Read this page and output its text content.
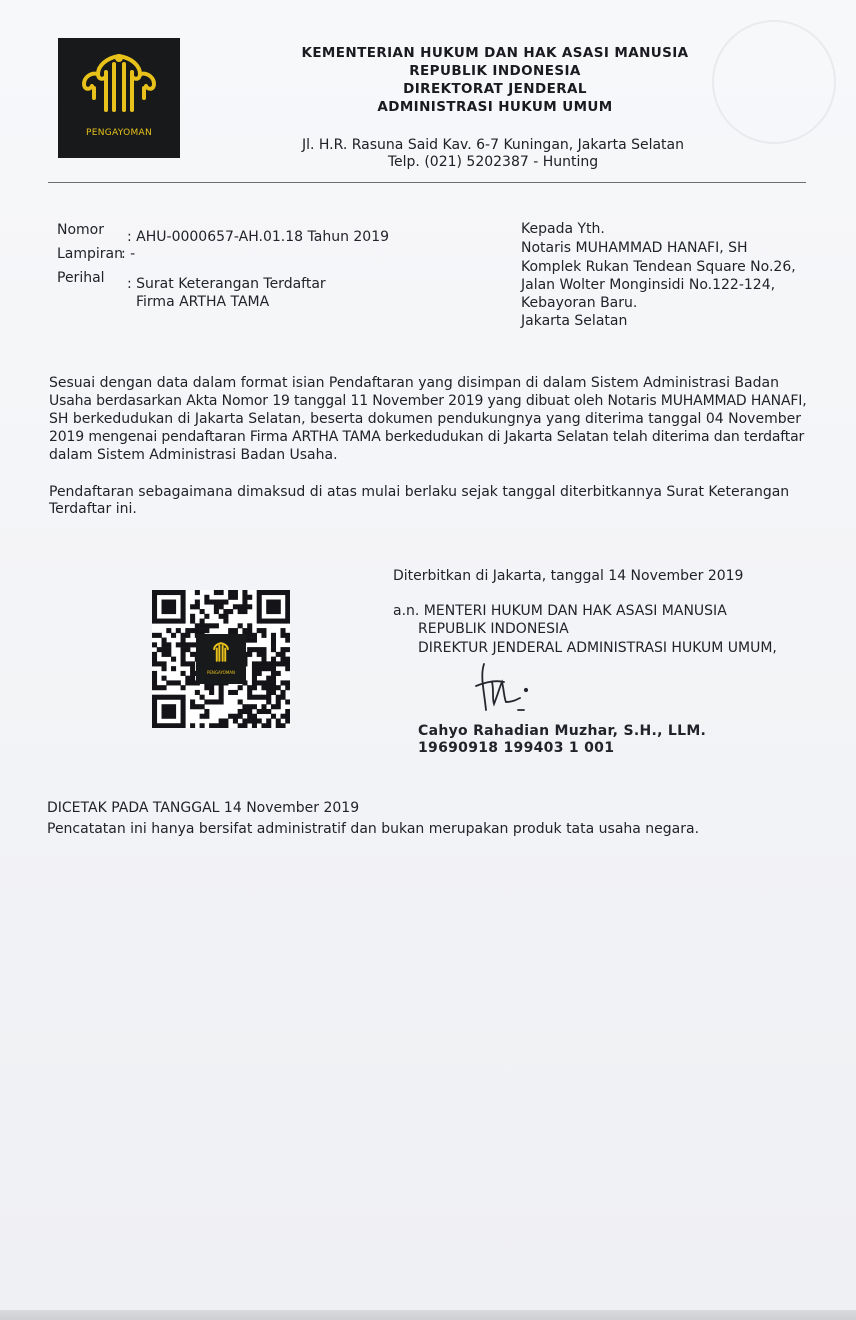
PENGAYOMAN
KEMENTERIAN HUKUM DAN HAK ASASI MANUSIA
REPUBLIK INDONESIA
DIREKTORAT JENDERAL
ADMINISTRASI HUKUM UMUM
Jl. H.R. Rasuna Said Kav. 6-7 Kuningan, Jakarta Selatan
Telp. (021) 5202387 - Hunting
Nomor : AHU-0000657-AH.01.18 Tahun 2019
Lampiran
: -
Perihal : Surat Keterangan Terdaftar
Firma ARTHA TAMA
Kepada Yth.
Notaris MUHAMMAD HANAFI, SH
Komplek Rukan Tendean Square No.26,
Jalan Wolter Monginsidi No.122-124,
Kebayoran Baru.
Jakarta Selatan
Sesuai dengan data dalam format isian Pendaftaran yang disimpan di dalam Sistem Administrasi Badan
Usaha berdasarkan Akta Nomor 19 tanggal 11 November 2019 yang dibuat oleh Notaris MUHAMMAD HANAFI,
SH berkedudukan di Jakarta Selatan, beserta dokumen pendukungnya yang diterima tanggal 04 November
2019 mengenai pendaftaran Firma ARTHA TAMA berkedudukan di Jakarta Selatan telah diterima dan terdaftar
dalam Sistem Administrasi Badan Usaha.
Pendaftaran sebagaimana dimaksud di atas mulai berlaku sejak tanggal diterbitkannya Surat Keterangan
Terdaftar ini.
Diterbitkan di Jakarta, tanggal 14 November 2019
a.n. MENTERI HUKUM DAN HAK ASASI MANUSIA
REPUBLIK INDONESIA
DIREKTUR JENDERAL ADMINISTRASI HUKUM UMUM,
Cahyo Rahadian Muzhar, S.H., LLM.
19690918 199403 1 001
PENGAYOMAN
DICETAK PADA TANGGAL 14 November 2019
Pencatatan ini hanya bersifat administratif dan bukan merupakan produk tata usaha negara.
